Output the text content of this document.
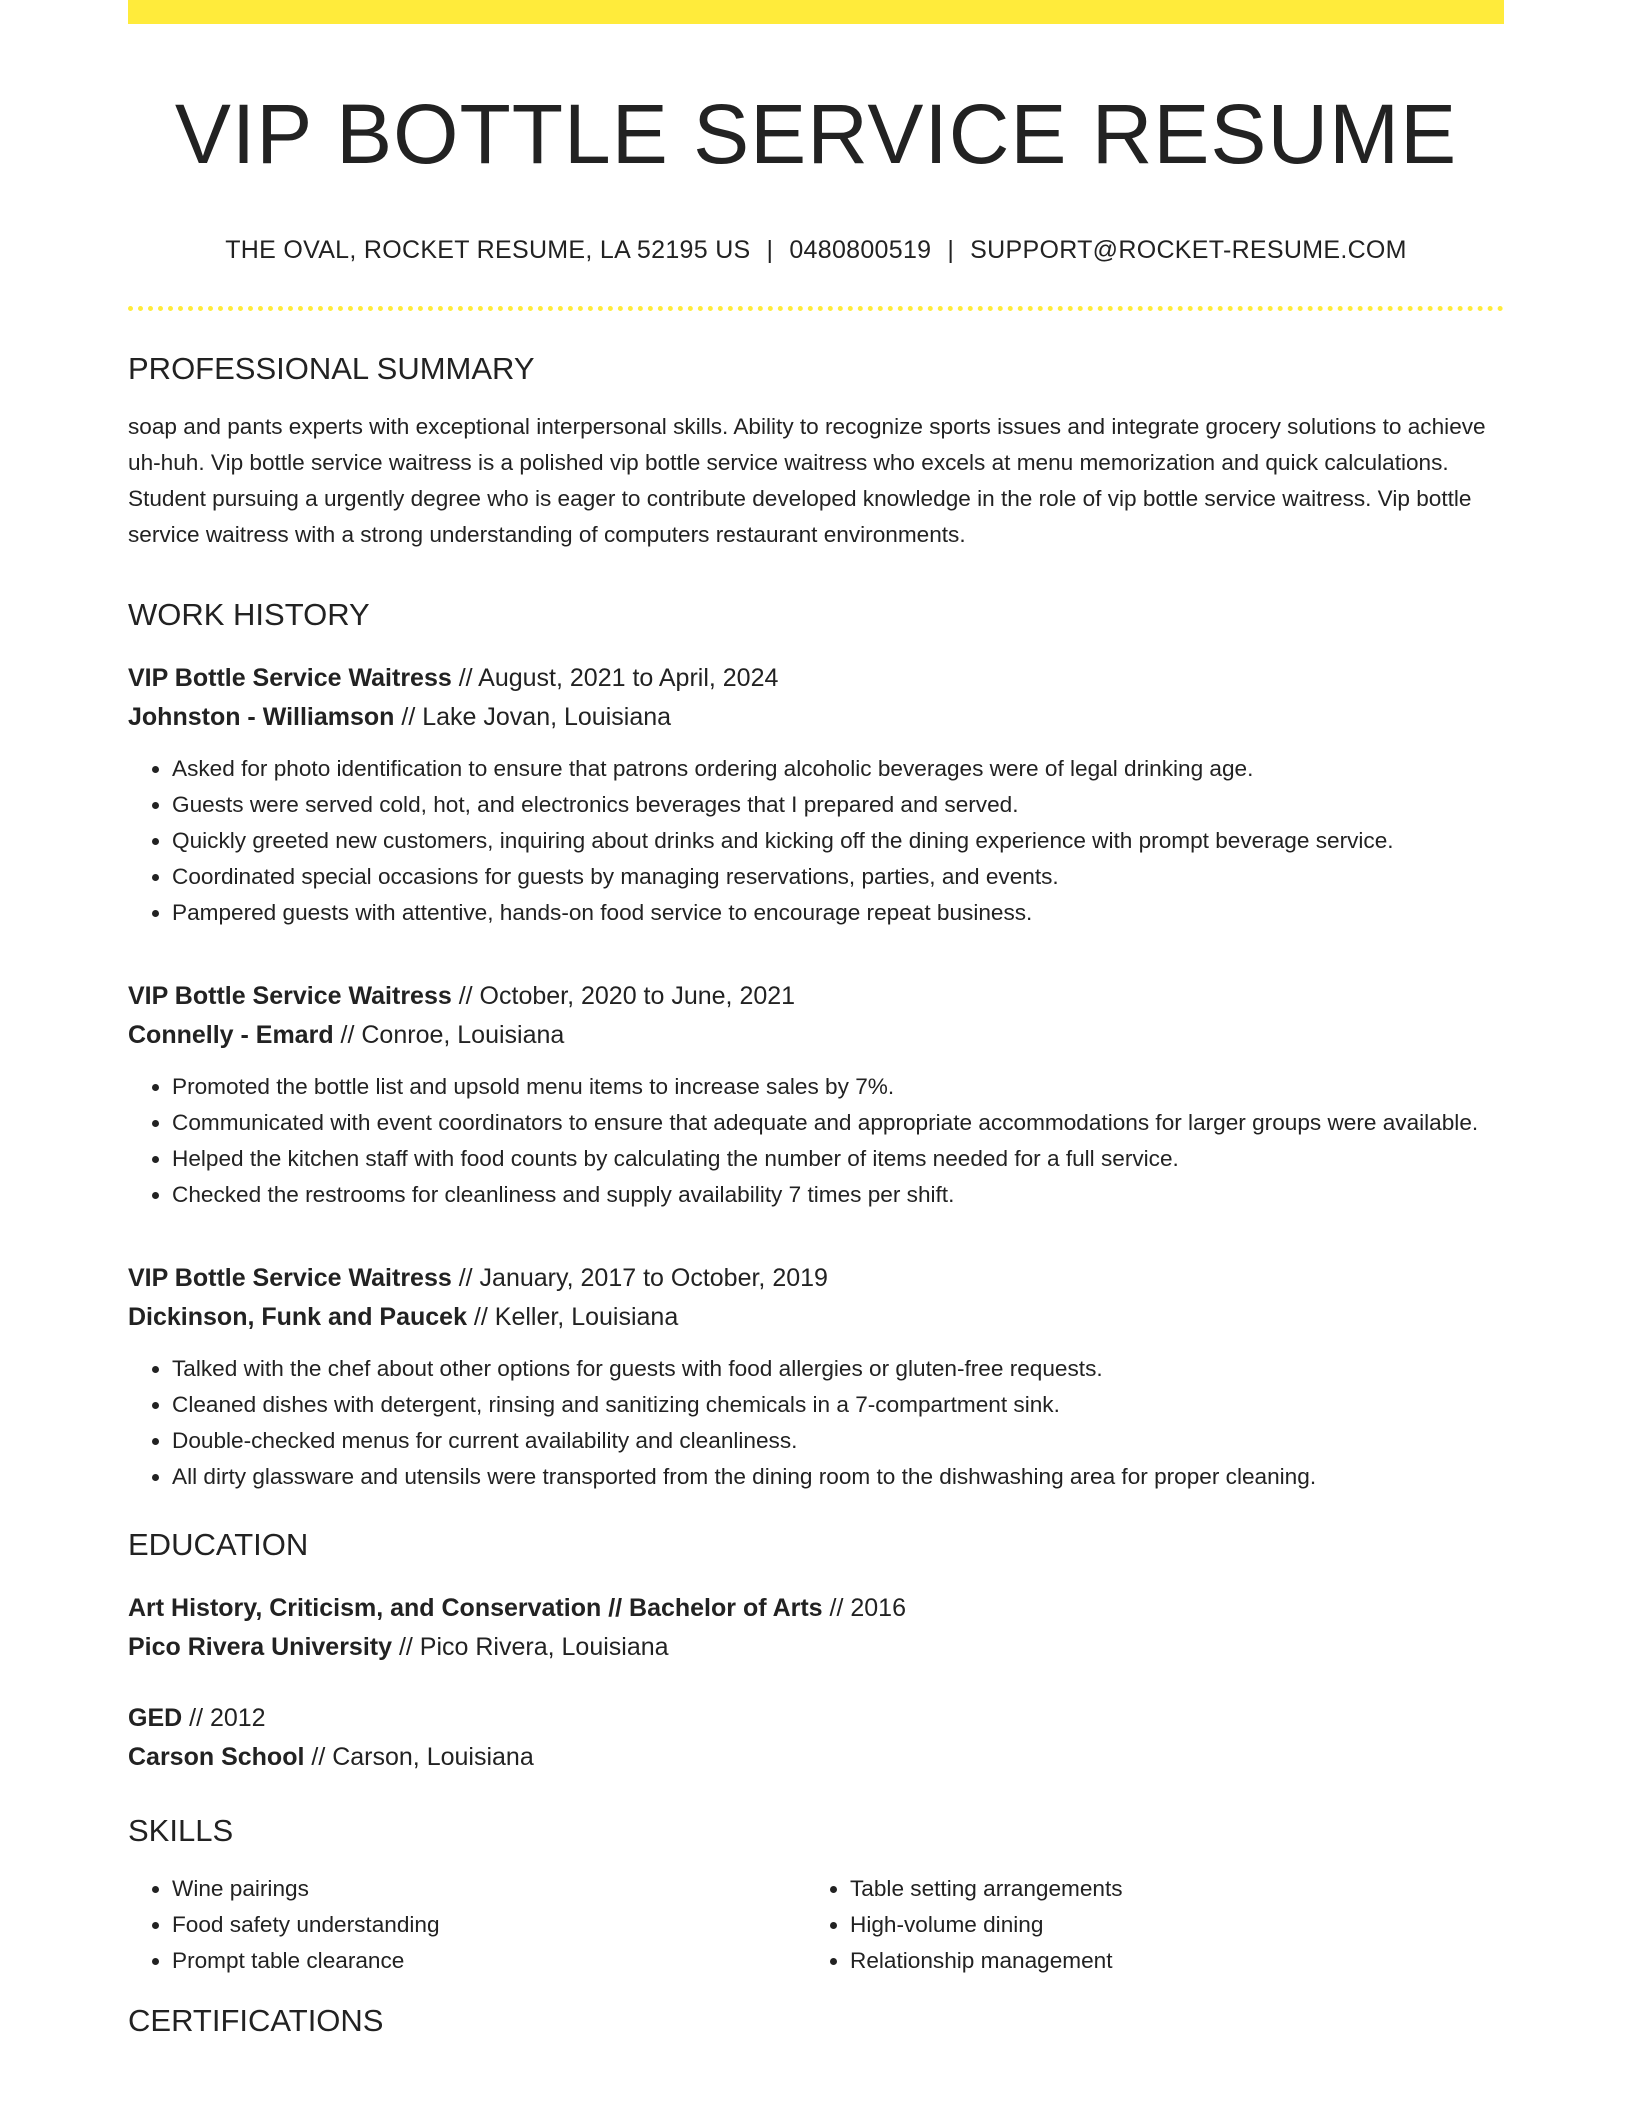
VIP BOTTLE SERVICE RESUME
THE OVAL, ROCKET RESUME, LA 52195 US | 0480800519 | SUPPORT@ROCKET-RESUME.COM
PROFESSIONAL SUMMARY
soap and pants experts with exceptional interpersonal skills. Ability to recognize sports issues and integrate grocery solutions to achieve uh-huh. Vip bottle service waitress is a polished vip bottle service waitress who excels at menu memorization and quick calculations. Student pursuing a urgently degree who is eager to contribute developed knowledge in the role of vip bottle service waitress. Vip bottle service waitress with a strong understanding of computers restaurant environments.
WORK HISTORY
VIP Bottle Service Waitress // August, 2021 to April, 2024
Johnston - Williamson // Lake Jovan, Louisiana
• Asked for photo identification to ensure that patrons ordering alcoholic beverages were of legal drinking age.
• Guests were served cold, hot, and electronics beverages that I prepared and served.
• Quickly greeted new customers, inquiring about drinks and kicking off the dining experience with prompt beverage service.
• Coordinated special occasions for guests by managing reservations, parties, and events.
• Pampered guests with attentive, hands-on food service to encourage repeat business.
VIP Bottle Service Waitress // October, 2020 to June, 2021
Connelly - Emard // Conroe, Louisiana
• Promoted the bottle list and upsold menu items to increase sales by 7%.
• Communicated with event coordinators to ensure that adequate and appropriate accommodations for larger groups were available.
• Helped the kitchen staff with food counts by calculating the number of items needed for a full service.
• Checked the restrooms for cleanliness and supply availability 7 times per shift.
VIP Bottle Service Waitress // January, 2017 to October, 2019
Dickinson, Funk and Paucek // Keller, Louisiana
• Talked with the chef about other options for guests with food allergies or gluten-free requests.
• Cleaned dishes with detergent, rinsing and sanitizing chemicals in a 7-compartment sink.
• Double-checked menus for current availability and cleanliness.
• All dirty glassware and utensils were transported from the dining room to the dishwashing area for proper cleaning.
EDUCATION
Art History, Criticism, and Conservation // Bachelor of Arts // 2016
Pico Rivera University // Pico Rivera, Louisiana
GED // 2012
Carson School // Carson, Louisiana
SKILLS
• Wine pairings
• Food safety understanding
• Prompt table clearance
• Table setting arrangements
• High-volume dining
• Relationship management
CERTIFICATIONS
